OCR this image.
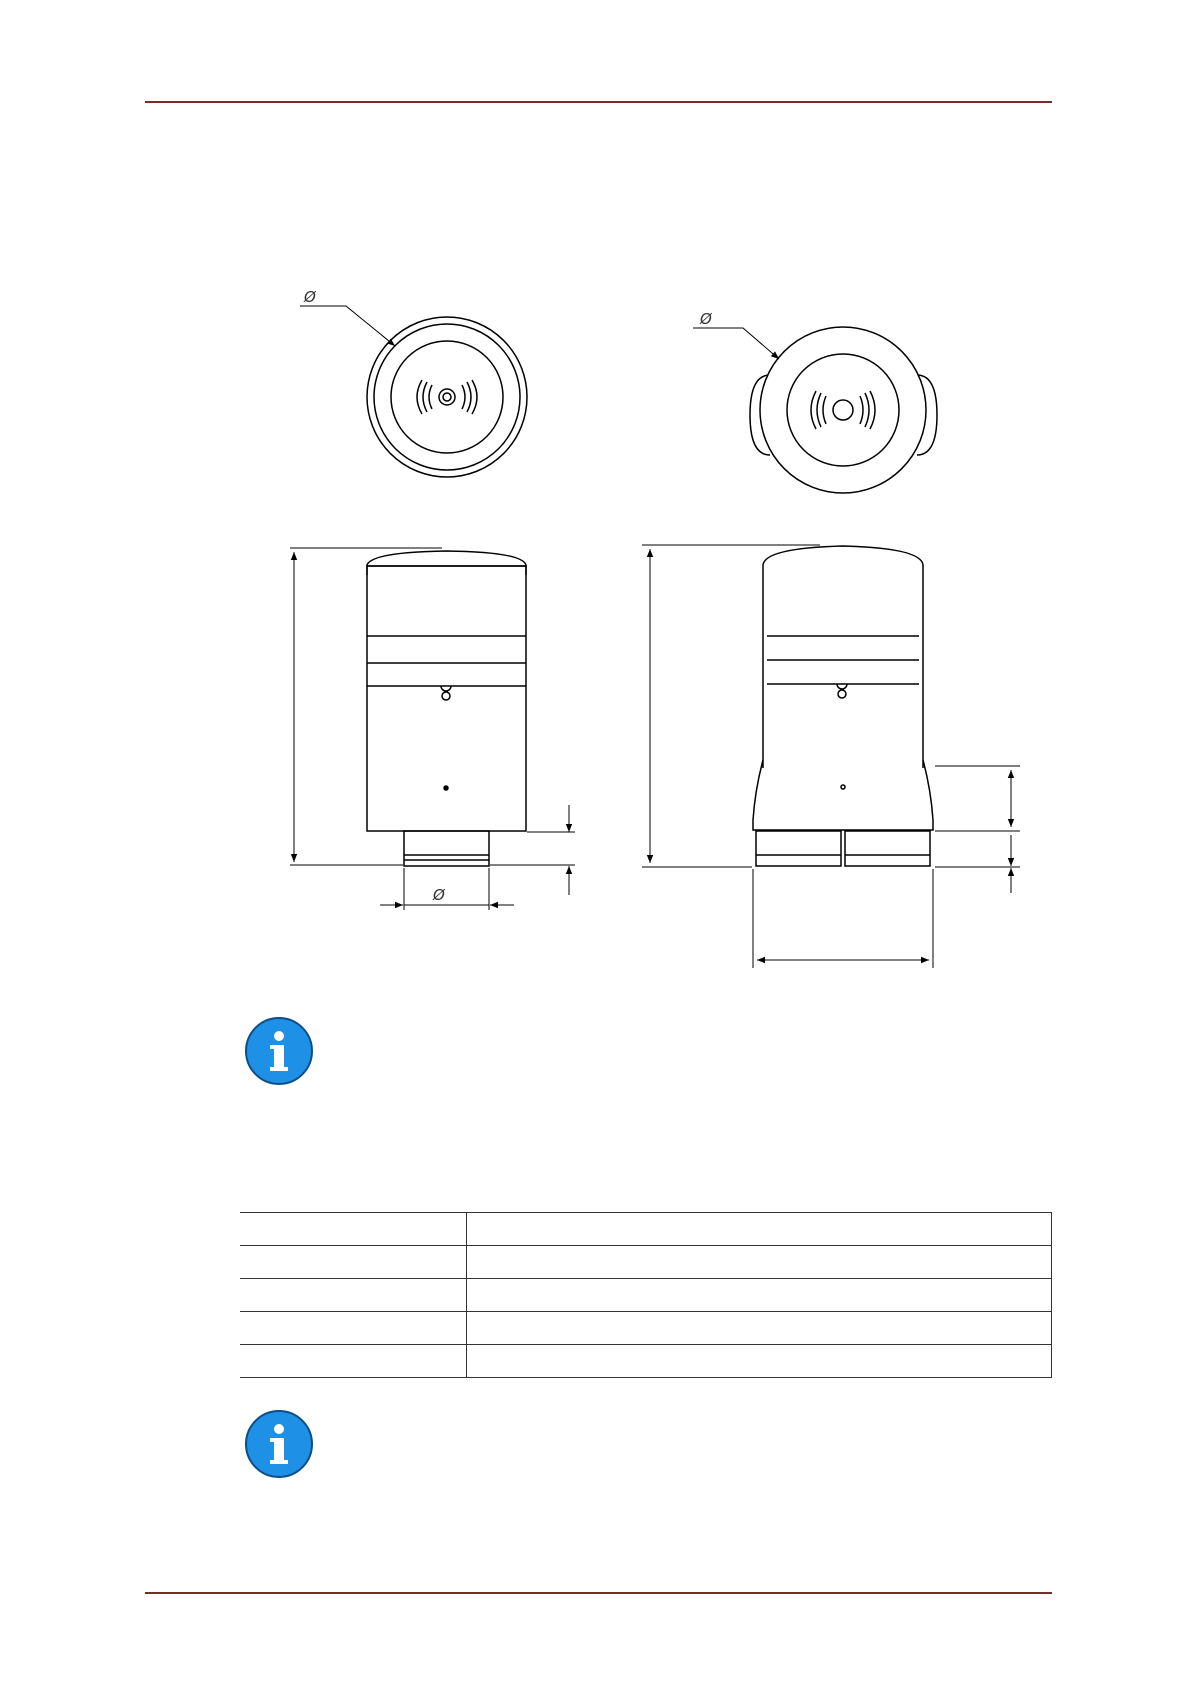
Ø
Ø
Ø
